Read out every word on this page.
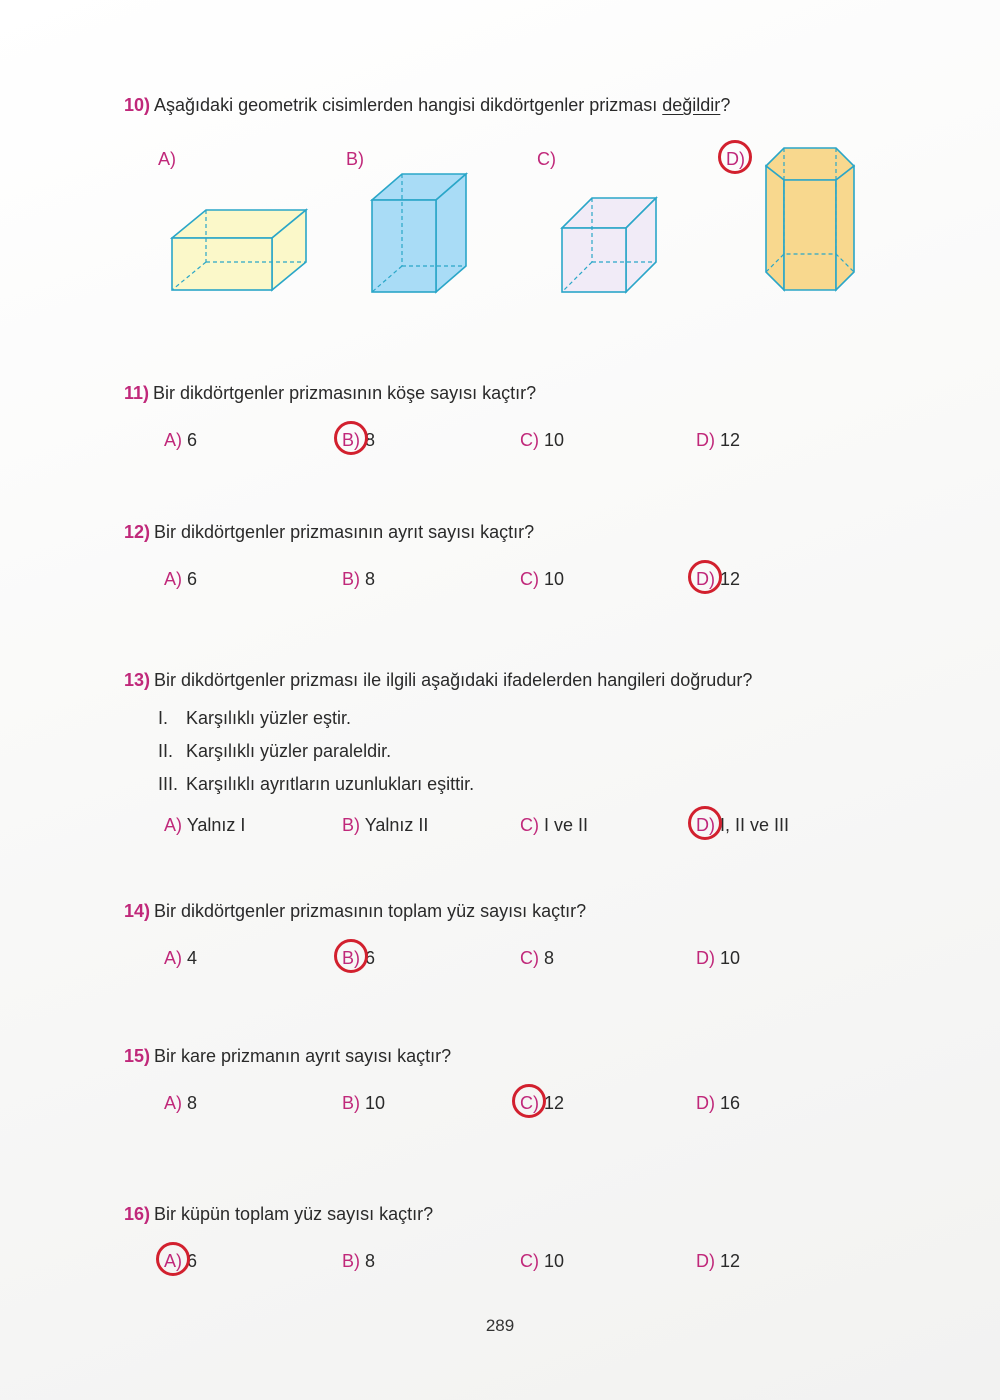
10) Aşağıdaki geometrik cisimlerden hangisi dikdörtgenler prizması değildir?
A)	B)	C)	D)
11) Bir dikdörtgenler prizmasının köşe sayısı kaçtır?
A) 6	B) 8	C) 10	D) 12
12) Bir dikdörtgenler prizmasının ayrıt sayısı kaçtır?
A) 6	B) 8	C) 10	D) 12
13) Bir dikdörtgenler prizması ile ilgili aşağıdaki ifadelerden hangileri doğrudur?
I. Karşılıklı yüzler eştir.
II. Karşılıklı yüzler paraleldir.
III. Karşılıklı ayrıtların uzunlukları eşittir.
A) Yalnız I	B) Yalnız II	C) I ve II	D) I, II ve III
14) Bir dikdörtgenler prizmasının toplam yüz sayısı kaçtır?
A) 4	B) 6	C) 8	D) 10
15) Bir kare prizmanın ayrıt sayısı kaçtır?
A) 8	B) 10	C) 12	D) 16
16) Bir küpün toplam yüz sayısı kaçtır?
A) 6	B) 8	C) 10	D) 12
289
